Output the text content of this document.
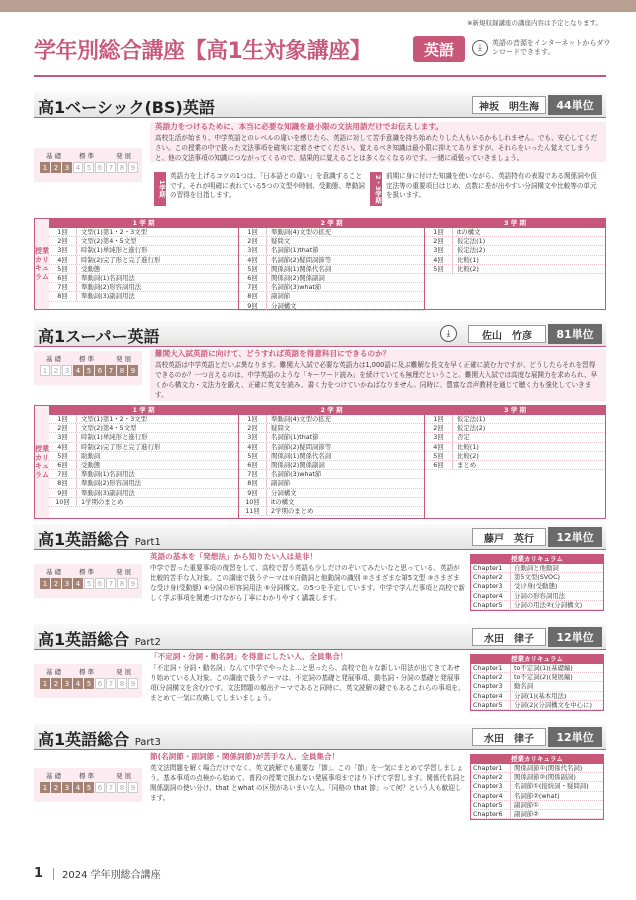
※新規収録講座の講座内容は予定となります。
学年別総合講座【高1生対象講座】	英語	⤓	英語の音源をインターネットからダウンロードできます。
高1ベーシック(BS)英語	神坂　明生海	44単位
基 礎	標 準	発 展
1 2 3 4 5 6 7 8 9
英語力をつけるために、本当に必要な知識を最小限の文法用語だけでお伝えします。
高校生活が始まり、中学英語とのレベルの違いを感じたら、英語に対して苦手意識を持ち始めたりした人もいるかもしれません。でも、安心してください。この授業の中で扱った文法事項を確実に定着させてください。覚えるべき知識は最小限に抑えてありますが、それらをいったん覚えてしまうと、他の文法事項の知識につながってくるので、結果的に覚えることは多くなくなるのです。一緒に頑張っていきましょう。
1学期
英語力を上げるコツの1つは、「日本語との違い」を意識することです。それが明確に表れている5つの文型や時制、受動態、準動詞の習得を目指します。	2・3学期 前期に身に付けた知識を使いながら、英語特有の表現である関係詞や仮定法等の重要項目はじめ、点数に差が出やすい分詞構文や比較等の単元を扱います。
授業カリキュラム
1 学 期
1回	文型(1)第1・2・3文型
2回	文型(2)第4・5文型
3回	時制(1)単純形と進行形
4回	時制(2)完了形と完了進行形
5回	受動態
6回	準動詞(1)名詞用法
7回	準動詞(2)形容詞用法
8回	準動詞(3)副詞用法
2 学 期
1回	準動詞(4)文型の拡充
2回	疑問文
3回	名詞節(1)that節
4回	名詞節(2)疑問詞節等
5回	関係詞(1)関係代名詞
6回	関係詞(2)関係副詞
7回	名詞節(3)what節
8回	副詞節
9回	分詞構文
3 学 期
1回	itの構文
2回	仮定法(1)
3回	仮定法(2)
4回	比較(1)
5回	比較(2)
高1スーパー英語	⤓	佐山　竹彦	81単位
基 礎	標 準	発 展
1 2 3 4 5 6 7 8 9
難関大入試英語に向けて、どうすれば英語を得意科目にできるのか？
高校英語は中学英語とだいぶ異なります。難関大入試で必要な英語力は1,000語に及ぶ難解な長文を早く正確に読む力ですが、どうしたらそれを習得できるのか？一つ言えるのは、中学英語のような「キーワード読み」を続けていても無理だということ。難関大入試では高度な展開力を求められ、早くから構文力・文法力を鍛え、正確に英文を読み、書く力をつけていかねばなりません。同時に、豊富な音声教材を通じて聴く力も強化していきます。
授業カリキュラム
1 学 期
1回	文型(1)第1・2・3文型
2回	文型(2)第4・5文型
3回	時制(1)単純形と進行形
4回	時制(2)完了形と完了進行形
5回	助動詞
6回	受動態
7回	準動詞(1)名詞用法
8回	準動詞(2)形容詞用法
9回	準動詞(3)副詞用法
10回	1学期のまとめ
2 学 期
1回	準動詞(4)文型の拡充
2回	疑問文
3回	名詞節(1)that節
4回	名詞節(2)疑問詞節等
5回	関係詞(1)関係代名詞
6回	関係詞(2)関係副詞
7回	名詞節(3)what節
8回	副詞節
9回	分詞構文
10回	itの構文
11回	2学期のまとめ
3 学 期
1回	仮定法(1)
2回	仮定法(2)
3回	否定
4回	比較(1)
5回	比較(2)
6回	まとめ
高1英語総合 Part1	藤戸　英行	12単位
基 礎	標 準	発 展
1 2 3 4 5 6 7 8 9
英語の基本を「発想法」から知りたい人は是非！
中学で習った重要事項の復習をして、高校で習う英語も少しだけのぞいてみたいなと思っている、英語が比較的苦手な人対象。この講座で扱うテーマは①自動詞と他動詞の識別 ②さまざまな第5文型 ③さまざまな受け身(受動態) ④分詞の形容詞用法 ⑤分詞構文。の5つを予定しています。中学で学んだ事項と高校で新しく学ぶ事項を関連づけながら丁寧にわかりやすく講義します。
授業カリキュラム
Chapter1	自動詞と他動詞
Chapter2	第5文型(SVOC)
Chapter3	受け身(受動態)
Chapter4	分詞の形容詞用法
Chapter5	分詞の用法②(分詞構文)
高1英語総合 Part2	水田　律子	12単位
基 礎	標 準	発 展
1 2 3 4 5 6 7 8 9
「不定詞・分詞・動名詞」を得意にしたい人、全員集合！
「不定詞・分詞・動名詞」なんて中学でやったよ…と思ったら、高校で色々な新しい用法が出てきてあせり始めている人対象。この講座で扱うテーマは、不定詞の基礎と発展事項、動名詞・分詞の基礎と発展事項(分詞構文を含む)です。文法問題の頻出テーマであると同時に、英文読解の鍵でもあるこれらの事項を、まとめて一気に攻略してしまいましょう。
授業カリキュラム
Chapter1	to不定詞(1)(基礎編)
Chapter2	to不定詞(2)(発展編)
Chapter3	動名詞
Chapter4	分詞(1)(基本用法)
Chapter5	分詞(2)(分詞構文を中心に)
高1英語総合 Part3	水田　律子	12単位
基 礎	標 準	発 展
1 2 3 4 5 6 7 8 9
節(名詞節・副詞節・関係詞節)が苦手な人、全員集合！
英文法問題を解く場合だけでなく、英文読解でも重要な「節」。この「節」を一気にまとめて学習しましょう。基本事項の点検から始めて、普段の授業で扱わない発展事項までほり下げて学習します。関係代名詞と関係副詞の使い分け、that とwhat の区別があいまいな人、「同格の that 節」って何？という人も歓迎します。
授業カリキュラム
Chapter1	関係詞節①(関係代名詞)
Chapter2	関係詞節②(関係副詞)
Chapter3	名詞節①(接続詞・疑問詞)
Chapter4	名詞節②(what)
Chapter5	副詞節①
Chapter6	副詞節②
1 2024 学年別総合講座
